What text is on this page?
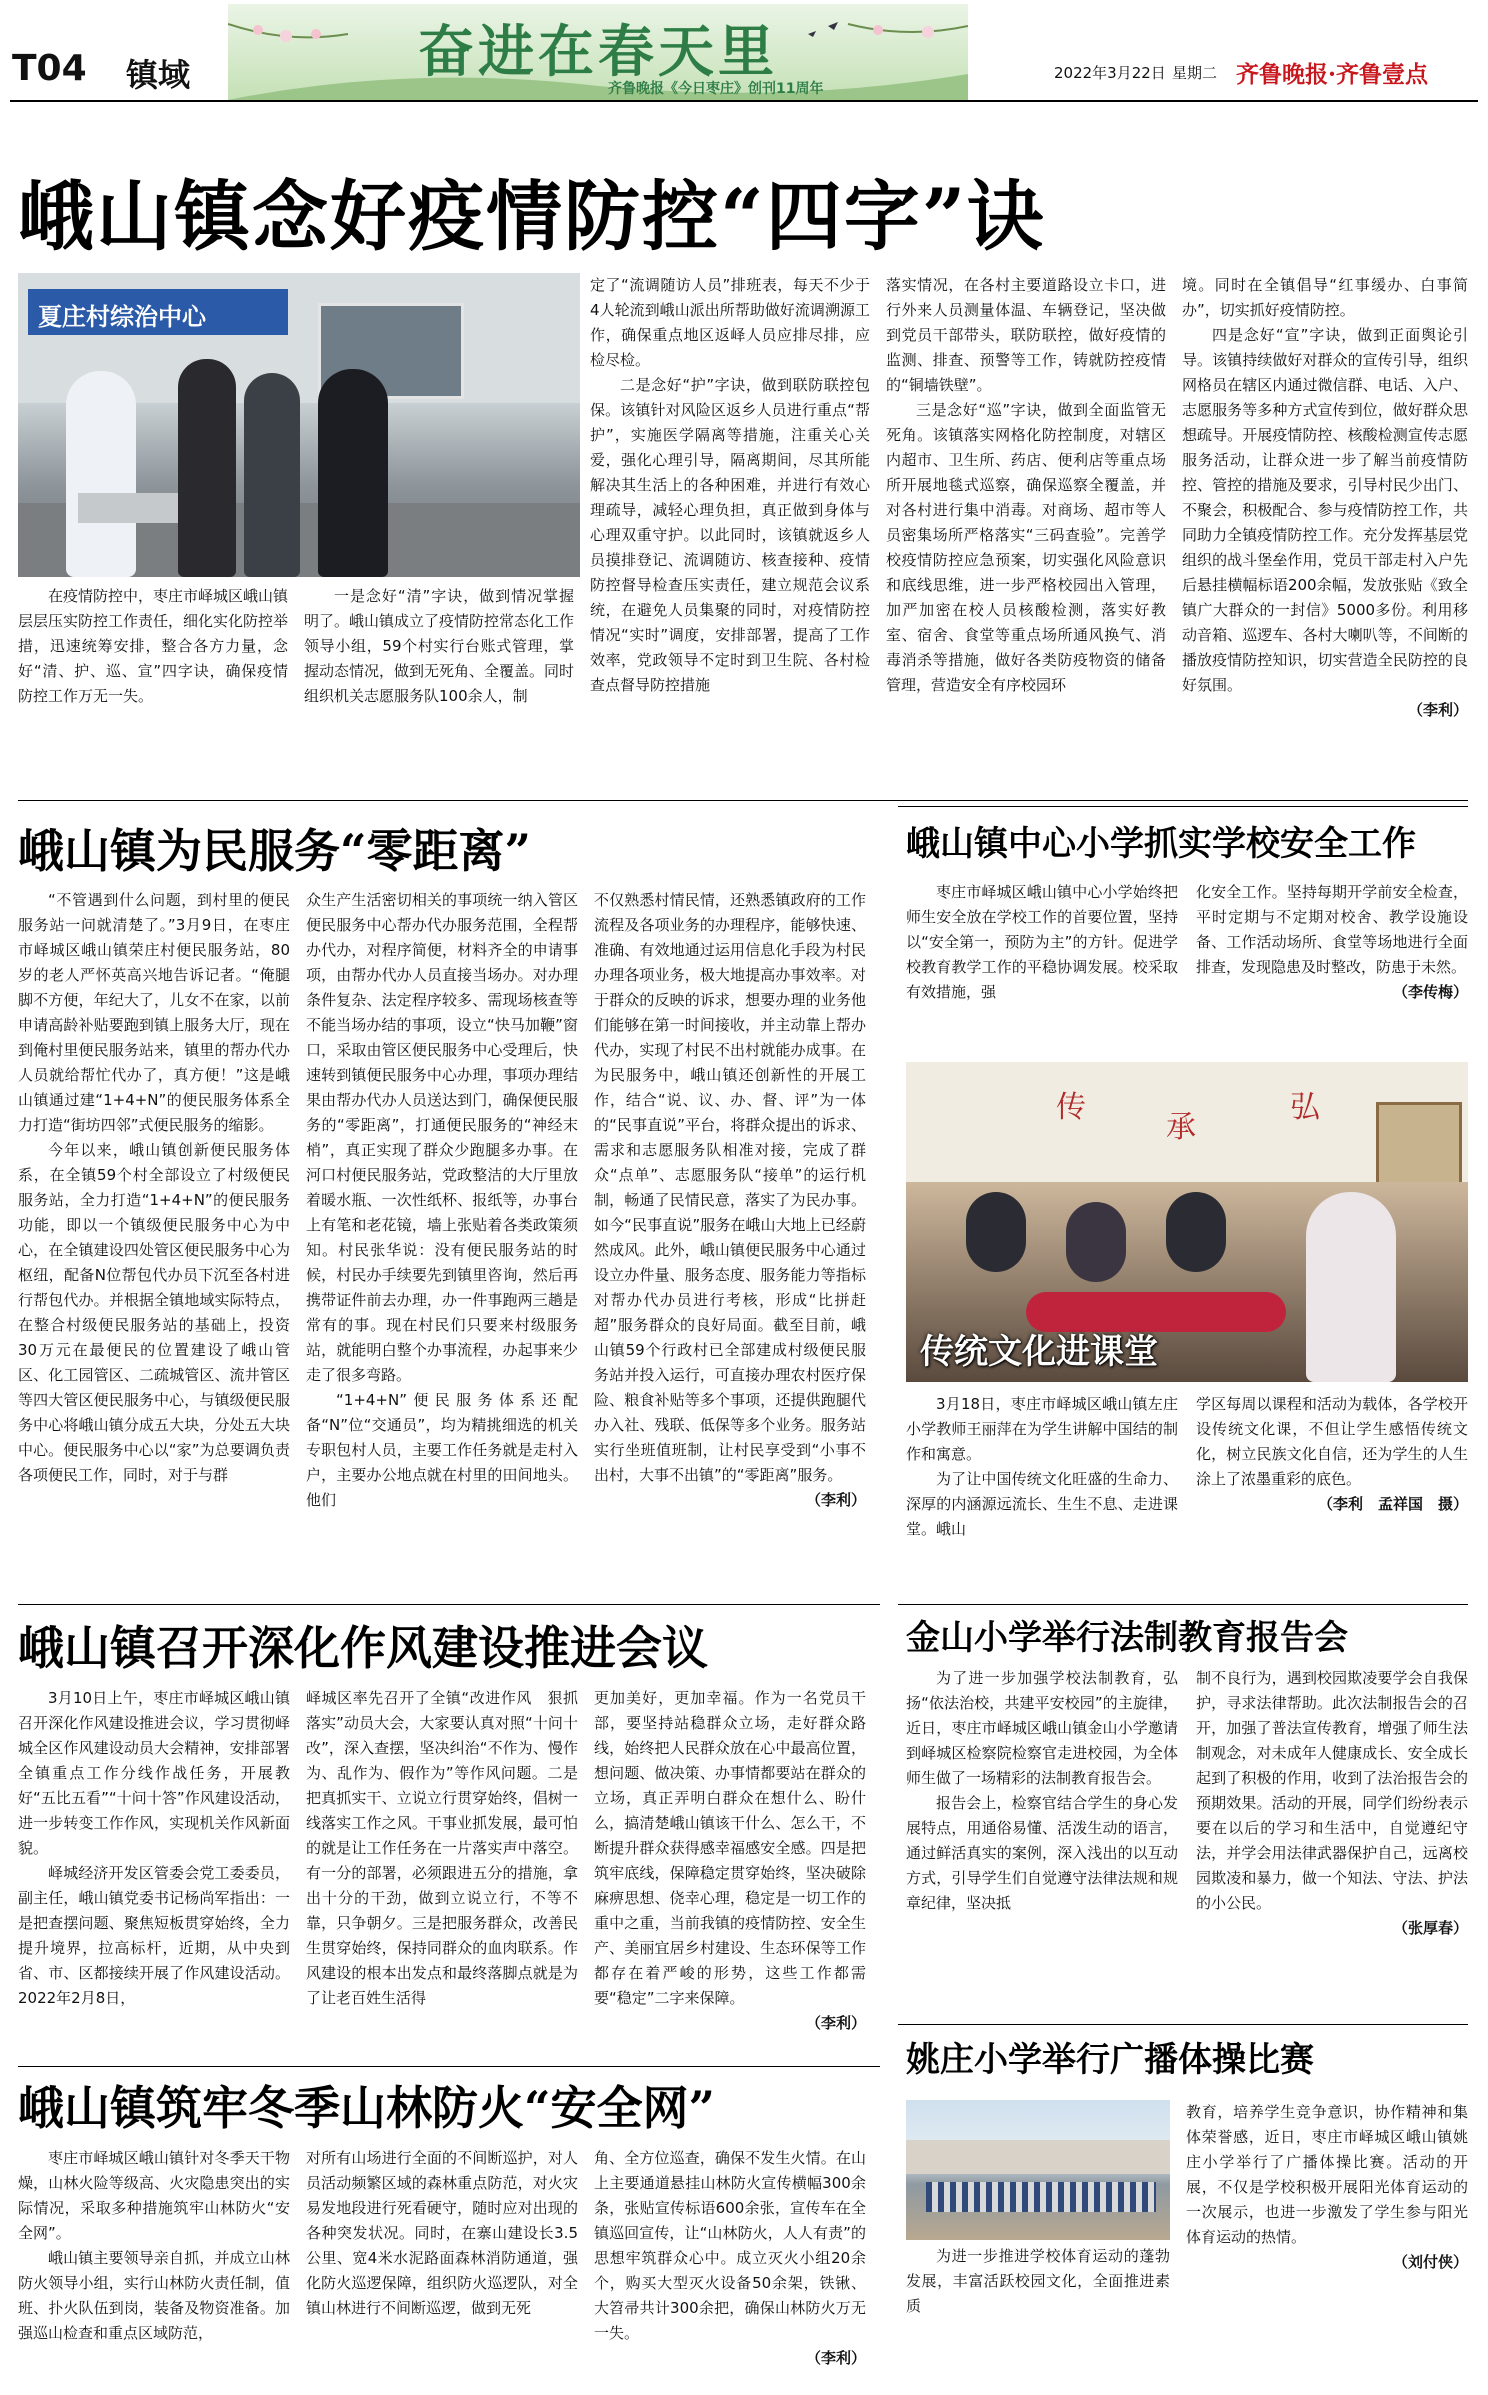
T04 镇域	奋进在春天里
齐鲁晚报《今日枣庄》创刊11周年
2022年3月22日 星期二 齐鲁晚报·齐鲁壹点
峨山镇念好疫情防控“四字”诀
夏庄村综治中心

在疫情防控中，枣庄市峄城区峨山镇层层压实防控工作责任，细化实化防控举措，迅速统筹安排，整合各方力量，念好“清、护、巡、宣”四字诀，确保疫情防控工作万无一失。

一是念好“清”字诀，做到情况掌握明了。峨山镇成立了疫情防控常态化工作领导小组，59个村实行台账式管理，掌握动态情况，做到无死角、全覆盖。同时组织机关志愿服务队100余人，制

定了“流调随访人员”排班表，每天不少于4人轮流到峨山派出所帮助做好流调溯源工作，确保重点地区返峄人员应排尽排，应检尽检。

二是念好“护”字诀，做到联防联控包保。该镇针对风险区返乡人员进行重点“帮护”，实施医学隔离等措施，注重关心关爱，强化心理引导，隔离期间，尽其所能解决其生活上的各种困难，并进行有效心理疏导，减轻心理负担，真正做到身体与心理双重守护。以此同时，该镇就返乡人员摸排登记、流调随访、核查接种、疫情防控督导检查压实责任，建立规范会议系统，在避免人员集聚的同时，对疫情防控情况“实时”调度，安排部署，提高了工作效率，党政领导不定时到卫生院、各村检查点督导防控措施

落实情况，在各村主要道路设立卡口，进行外来人员测量体温、车辆登记，坚决做到党员干部带头，联防联控，做好疫情的监测、排查、预警等工作，铸就防控疫情的“铜墙铁壁”。

三是念好“巡”字诀，做到全面监管无死角。该镇落实网格化防控制度，对辖区内超市、卫生所、药店、便利店等重点场所开展地毯式巡察，确保巡察全覆盖，并对各村进行集中消毒。对商场、超市等人员密集场所严格落实“三码查验”。完善学校疫情防控应急预案，切实强化风险意识和底线思维，进一步严格校园出入管理，加严加密在校人员核酸检测，落实好教室、宿舍、食堂等重点场所通风换气、消毒消杀等措施，做好各类防疫物资的储备管理，营造安全有序校园环

境。同时在全镇倡导“红事缓办、白事简办”，切实抓好疫情防控。

四是念好“宣”字诀，做到正面舆论引导。该镇持续做好对群众的宣传引导，组织网格员在辖区内通过微信群、电话、入户、志愿服务等多种方式宣传到位，做好群众思想疏导。开展疫情防控、核酸检测宣传志愿服务活动，让群众进一步了解当前疫情防控、管控的措施及要求，引导村民少出门、不聚会，积极配合、参与疫情防控工作，共同助力全镇疫情防控工作。充分发挥基层党组织的战斗堡垒作用，党员干部走村入户先后悬挂横幅标语200余幅，发放张贴《致全镇广大群众的一封信》5000多份。利用移动音箱、巡逻车、各村大喇叭等，不间断的播放疫情防控知识，切实营造全民防控的良好氛围。

（李利）
峨山镇为民服务“零距离”

“不管遇到什么问题，到村里的便民服务站一问就清楚了。”3月9日，在枣庄市峄城区峨山镇荣庄村便民服务站，80岁的老人严怀英高兴地告诉记者。“俺腿脚不方便，年纪大了，儿女不在家，以前申请高龄补贴要跑到镇上服务大厅，现在到俺村里便民服务站来，镇里的帮办代办人员就给帮忙代办了，真方便！”这是峨山镇通过建“1+4+N”的便民服务体系全力打造“街坊四邻”式便民服务的缩影。

今年以来，峨山镇创新便民服务体系，在全镇59个村全部设立了村级便民服务站，全力打造“1+4+N”的便民服务功能，即以一个镇级便民服务中心为中心，在全镇建设四处管区便民服务中心为枢纽，配备N位帮包代办员下沉至各村进行帮包代办。并根据全镇地域实际特点，在整合村级便民服务站的基础上，投资30万元在最便民的位置建设了峨山管区、化工园管区、二疏城管区、流井管区等四大管区便民服务中心，与镇级便民服务中心将峨山镇分成五大块，分处五大块中心。便民服务中心以“家”为总要调负责各项便民工作，同时，对于与群

众生产生活密切相关的事项统一纳入管区便民服务中心帮办代办服务范围，全程帮办代办，对程序简便，材料齐全的申请事项，由帮办代办人员直接当场办。对办理条件复杂、法定程序较多、需现场核查等不能当场办结的事项，设立“快马加鞭”窗口，采取由管区便民服务中心受理后，快速转到镇便民服务中心办理，事项办理结果由帮办代办人员送达到门，确保便民服务的“零距离”，打通便民服务的“神经末梢”，真正实现了群众少跑腿多办事。在河口村便民服务站，党政整洁的大厅里放着暖水瓶、一次性纸杯、报纸等，办事台上有笔和老花镜，墙上张贴着各类政策须知。村民张华说：没有便民服务站的时候，村民办手续要先到镇里咨询，然后再携带证件前去办理，办一件事跑两三趟是常有的事。现在村民们只要来村级服务站，就能明白整个办事流程，办起事来少走了很多弯路。

“1+4+N”便民服务体系还配备“N”位“交通员”，均为精挑细选的机关专职包村人员，主要工作任务就是走村入户，主要办公地点就在村里的田间地头。他们

不仅熟悉村情民情，还熟悉镇政府的工作流程及各项业务的办理程序，能够快速、准确、有效地通过运用信息化手段为村民办理各项业务，极大地提高办事效率。对于群众的反映的诉求，想要办理的业务他们能够在第一时间接收，并主动靠上帮办代办，实现了村民不出村就能办成事。在为民服务中，峨山镇还创新性的开展工作，结合“说、议、办、督、评”为一体的“民事直说”平台，将群众提出的诉求、需求和志愿服务队相准对接，完成了群众“点单”、志愿服务队“接单”的运行机制，畅通了民情民意，落实了为民办事。如今“民事直说”服务在峨山大地上已经蔚然成风。此外，峨山镇便民服务中心通过设立办件量、服务态度、服务能力等指标对帮办代办员进行考核，形成“比拼赶超”服务群众的良好局面。截至目前，峨山镇59个行政村已全部建成村级便民服务站并投入运行，可直接办理农村医疗保险、粮食补贴等多个事项，还提供跑腿代办入社、残联、低保等多个业务。服务站实行坐班值班制，让村民享受到“小事不出村，大事不出镇”的“零距离”服务。

（李利）
峨山镇中心小学抓实学校安全工作

枣庄市峄城区峨山镇中心小学始终把师生安全放在学校工作的首要位置，坚持以“安全第一，预防为主”的方针。促进学校教育教学工作的平稳协调发展。校采取有效措施，强

化安全工作。坚持每期开学前安全检查，平时定期与不定期对校舍、教学设施设备、工作活动场所、食堂等场地进行全面排查，发现隐患及时整改，防患于未然。

（李传梅）
传
承
弘
传统文化进课堂

3月18日，枣庄市峄城区峨山镇左庄小学教师王丽萍在为学生讲解中国结的制作和寓意。

为了让中国传统文化旺盛的生命力、深厚的内涵源远流长、生生不息、走进课堂。峨山

学区每周以课程和活动为载体，各学校开设传统文化课，不但让学生感悟传统文化，树立民族文化自信，还为学生的人生涂上了浓墨重彩的底色。

（李利　孟祥国　摄）
峨山镇召开深化作风建设推进会议

3月10日上午，枣庄市峄城区峨山镇召开深化作风建设推进会议，学习贯彻峄城全区作风建设动员大会精神，安排部署全镇重点工作分线作战任务，开展教好“五比五看”“十问十答”作风建设活动，进一步转变工作作风，实现机关作风新面貌。

峄城经济开发区管委会党工委委员，副主任，峨山镇党委书记杨尚军指出：一是把查摆问题、聚焦短板贯穿始终，全力提升境界，拉高标杆，近期，从中央到省、市、区都接续开展了作风建设活动。2022年2月8日，

峄城区率先召开了全镇“改进作风　狠抓落实”动员大会，大家要认真对照“十问十改”，深入查摆，坚决纠治“不作为、慢作为、乱作为、假作为”等作风问题。二是把真抓实干、立说立行贯穿始终，倡树一线落实工作之风。干事业抓发展，最可怕的就是让工作任务在一片落实声中落空。有一分的部署，必须跟进五分的措施，拿出十分的干劲，做到立说立行，不等不靠，只争朝夕。三是把服务群众，改善民生贯穿始终，保持同群众的血肉联系。作风建设的根本出发点和最终落脚点就是为了让老百姓生活得

更加美好，更加幸福。作为一名党员干部，要坚持站稳群众立场，走好群众路线，始终把人民群众放在心中最高位置，想问题、做决策、办事情都要站在群众的立场，真正弄明白群众在想什么、盼什么，搞清楚峨山镇该干什么、怎么干，不断提升群众获得感幸福感安全感。四是把筑牢底线，保障稳定贯穿始终，坚决破除麻痹思想、侥幸心理，稳定是一切工作的重中之重，当前我镇的疫情防控、安全生产、美丽宜居乡村建设、生态环保等工作都存在着严峻的形势，这些工作都需要“稳定”二字来保障。

（李利）
金山小学举行法制教育报告会

为了进一步加强学校法制教育，弘扬“依法治校，共建平安校园”的主旋律，近日，枣庄市峄城区峨山镇金山小学邀请到峄城区检察院检察官走进校园，为全体师生做了一场精彩的法制教育报告会。

报告会上，检察官结合学生的身心发展特点，用通俗易懂、活泼生动的语言，通过鲜活真实的案例，深入浅出的以互动方式，引导学生们自觉遵守法律法规和规章纪律，坚决抵

制不良行为，遇到校园欺凌要学会自我保护，寻求法律帮助。此次法制报告会的召开，加强了普法宣传教育，增强了师生法制观念，对未成年人健康成长、安全成长起到了积极的作用，收到了法治报告会的预期效果。活动的开展，同学们纷纷表示要在以后的学习和生活中，自觉遵纪守法，并学会用法律武器保护自己，远离校园欺凌和暴力，做一个知法、守法、护法的小公民。

（张厚春）
峨山镇筑牢冬季山林防火“安全网”

枣庄市峄城区峨山镇针对冬季天干物燥，山林火险等级高、火灾隐患突出的实际情况，采取多种措施筑牢山林防火“安全网”。

峨山镇主要领导亲自抓，并成立山林防火领导小组，实行山林防火责任制，值班、扑火队伍到岗，装备及物资准备。加强巡山检查和重点区域防范，

对所有山场进行全面的不间断巡护，对人员活动频繁区域的森林重点防范，对火灾易发地段进行死看硬守，随时应对出现的各种突发状况。同时，在寨山建设长3.5公里、宽4米水泥路面森林消防通道，强化防火巡逻保障，组织防火巡逻队，对全镇山林进行不间断巡逻，做到无死

角、全方位巡查，确保不发生火情。在山上主要通道悬挂山林防火宣传横幅300余条，张贴宣传标语600余张，宣传车在全镇巡回宣传，让“山林防火，人人有责”的思想牢筑群众心中。成立灭火小组20余个，购买大型灭火设备50余架，铁锹、大笤帚共计300余把，确保山林防火万无一失。

（李利）
姚庄小学举行广播体操比赛

为进一步推进学校体育运动的蓬勃发展，丰富活跃校园文化，全面推进素质

教育，培养学生竞争意识，协作精神和集体荣誉感，近日，枣庄市峄城区峨山镇姚庄小学举行了广播体操比赛。活动的开展，不仅是学校积极开展阳光体育运动的一次展示，也进一步激发了学生参与阳光体育运动的热情。

（刘付侠）
